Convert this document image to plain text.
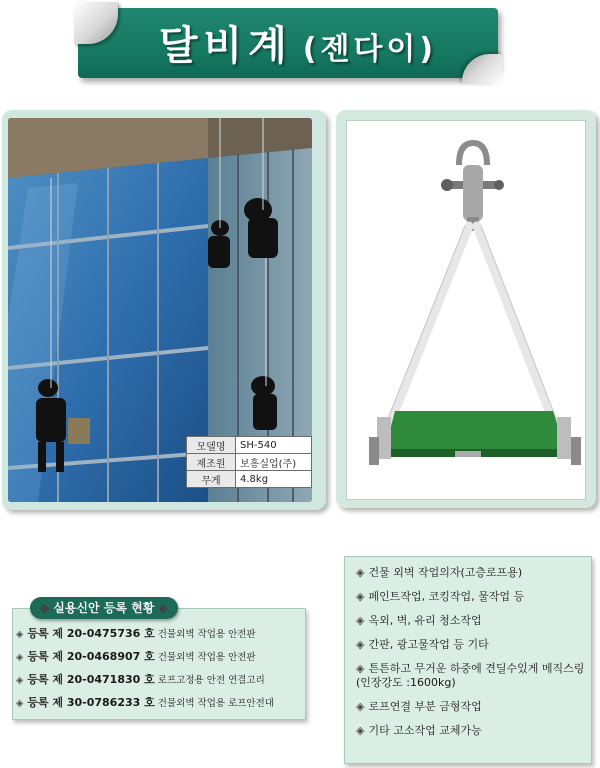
달비계 (젠다이)
모델명	SH-540
제조원	보흥실업(주)
무게	4.8kg
◆ 실용신안 등록 현황 ◆
◈ 등록 제 20-0475736 호 건물외벽 작업용 안전판
◈ 등록 제 20-0468907 호 건물외벽 작업용 안전판
◈ 등록 제 20-0471830 호 로프고정용 안전 연결고리
◈ 등록 제 30-0786233 호 건물외벽 작업용 로프안전대
◈ 건물 외벽 작업의자(고층로프용)
◈ 페인트작업, 코킹작업, 물작업 등
◈ 옥외, 벽, 유리 청소작업
◈ 간판, 광고물작업 등 기타
◈ 튼튼하고 무거운 하중에 견딜수있게 메직스링 (인장강도 :1600kg)
◈ 로프연결 부분 금형작업
◈ 기타 고소작업 교체가능
